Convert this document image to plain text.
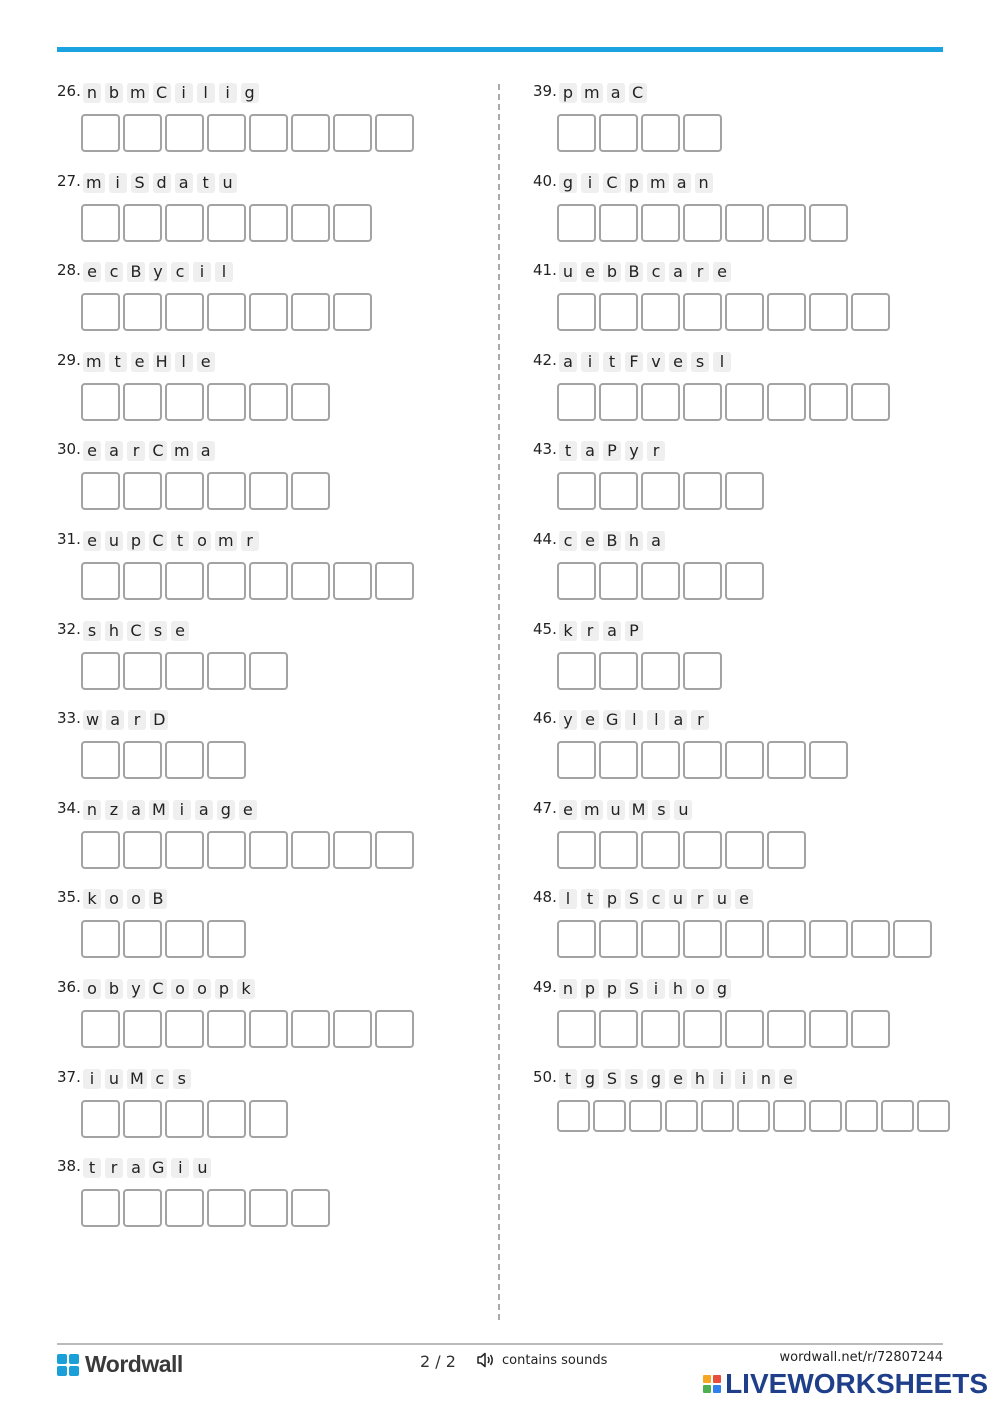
26. n b m C i	l	i g
27. m i S d a t u
28. e c B y c i	l
29. m t e H l e
30. e a r C m a
31. e u p C t o m r
32. s h C s e
33. w a r D
34. n z a M i a g e
35. k o o B
36. o b y C o o p k
37. i u M c s
38. t r a G i u
39. p m a C
40. g i C p m a n
41. u e b B c a r e
42. a i	t F v e s l
43. t a P y r
44. c e B h a
45. k r a P
46. y e G l	l a r
47. e m u M s u
48. l	t p S c u r u e
49. n p p S i h o g
50. t g S s g e h i	i n e
Wordwall	2 / 2	contains sounds	wordwall.net/r/72807244
LIVEWORKSHEETS
